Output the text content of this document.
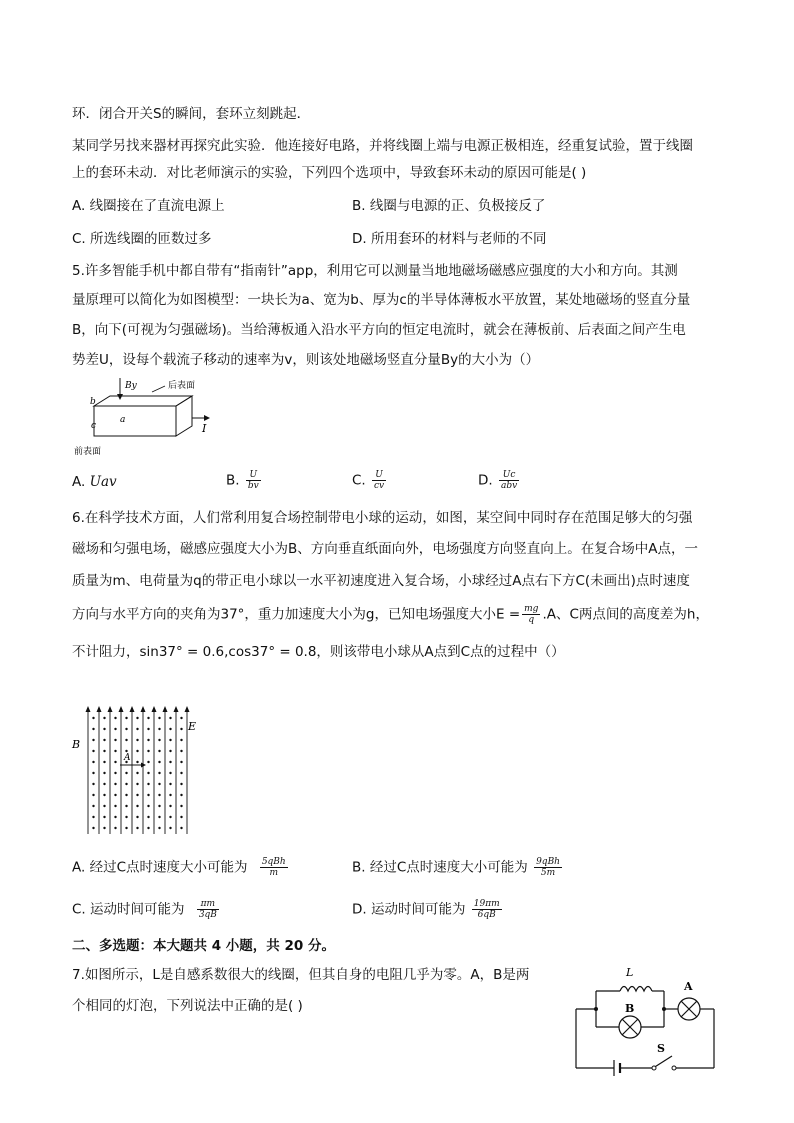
环．闭合开关S的瞬间，套环立刻跳起．
某同学另找来器材再探究此实验．他连接好电路，并将线圈上端与电源正极相连，经重复试验，置于线圈
上的套环未动．对比老师演示的实验，下列四个选项中，导致套环未动的原因可能是( )
A. 线圈接在了直流电源上	B. 线圈与电源的正、负极接反了
C. 所选线圈的匝数过多	D. 所用套环的材料与老师的不同
5.许多智能手机中都自带有“指南针”app，利用它可以测量当地地磁场磁感应强度的大小和方向。其测
量原理可以简化为如图模型：一块长为a、宽为b、厚为c的半导体薄板水平放置，某处地磁场的竖直分量
B，向下(可视为匀强磁场)。当给薄板通入沿水平方向的恒定电流时，就会在薄板前、后表面之间产生电
势差U，设每个载流子移动的速率为v，则该处地磁场竖直分量By的大小为（）
By	后表面
I
b
a
c
前表面
A. Uav	B. $\frac{U}{bv}$	C. $\frac{U}{cv}$	D. $\frac{Uc}{\text{abv}}$
6.在科学技术方面，人们常利用复合场控制带电小球的运动，如图，某空间中同时存在范围足够大的匀强
磁场和匀强电场，磁感应强度大小为B、方向垂直纸面向外，电场强度方向竖直向上。在复合场中A点，一
质量为m、电荷量为q的带正电小球以一水平初速度进入复合场，小球经过A点右下方C(未画出)点时速度
方向与水平方向的夹角为37°，重力加速度大小为g，已知电场强度大小$E = \frac{mg}{q} .A$、C两点间的高度差为h，
不计阻力，sin37° = 0.6,cos37° = 0.8，则该带电小球从A点到C点的过程中（）
B
E
A
A. 经过C点时速度大小可能为 $\frac{\text{5qBh}}{m}$	B. 经过C点时速度大小可能为 $\frac{\text{9qBh}}{5m}$
C. 运动时间可能为 $\frac{\pi m}{3qB}$	D. 运动时间可能为 $\frac{19\pi m}{6qB}$
二、多选题：本大题共 4 小题，共 20 分。
7.如图所示，L是自感系数很大的线圈，但其自身的电阻几乎为零。A，B是两
个相同的灯泡，下列说法中正确的是( )
L
B
A
S
